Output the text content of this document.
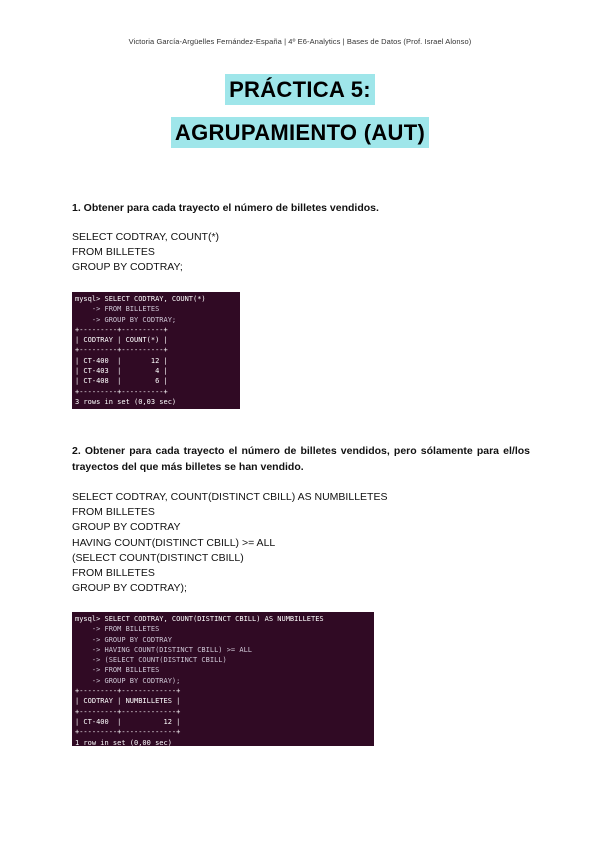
Victoria García-Argüelles Fernández-España | 4º E6-Analytics | Bases de Datos (Prof. Israel Alonso)
PRÁCTICA 5:
AGRUPAMIENTO (AUT)
1. Obtener para cada trayecto el número de billetes vendidos.
SELECT CODTRAY, COUNT(*)
FROM BILLETES
GROUP BY CODTRAY;
mysql> SELECT CODTRAY, COUNT(*)
-> FROM BILLETES
-> GROUP BY CODTRAY;
+---------+----------+
| CODTRAY | COUNT(*) |
+---------+----------+
| CT-400  |       12 |
| CT-403  |        4 |
| CT-408  |        6 |
+---------+----------+
3 rows in set (0,03 sec)
2. Obtener para cada trayecto el número de billetes vendidos, pero sólamente para el/los trayectos del que más billetes se han vendido.
SELECT CODTRAY, COUNT(DISTINCT CBILL) AS NUMBILLETES
FROM BILLETES
GROUP BY CODTRAY
HAVING COUNT(DISTINCT CBILL) >= ALL
(SELECT COUNT(DISTINCT CBILL)
FROM BILLETES
GROUP BY CODTRAY);
mysql> SELECT CODTRAY, COUNT(DISTINCT CBILL) AS NUMBILLETES
-> FROM BILLETES
-> GROUP BY CODTRAY
-> HAVING COUNT(DISTINCT CBILL) >= ALL
-> (SELECT COUNT(DISTINCT CBILL)
-> FROM BILLETES
-> GROUP BY CODTRAY);
+---------+-------------+
| CODTRAY | NUMBILLETES |
+---------+-------------+
| CT-400  |          12 |
+---------+-------------+
1 row in set (0,00 sec)
